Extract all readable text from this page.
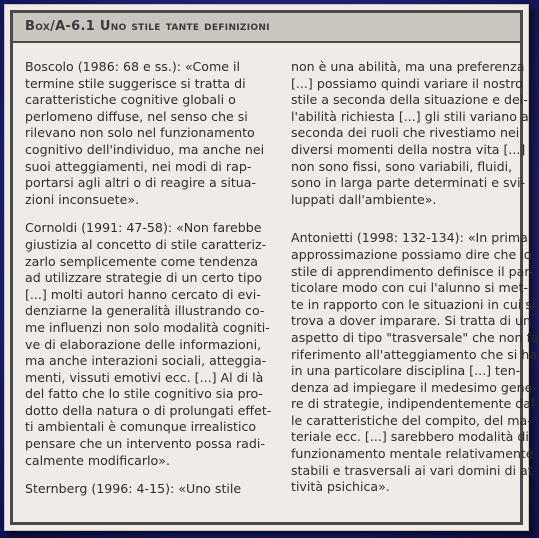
Box/A-6.1 Uno stile tante definizioni
Boscolo (1986: 68 e ss.): «Come il
termine stile suggerisce si tratta di
caratteristiche cognitive globali o
perlomeno diffuse, nel senso che si
rilevano non solo nel funzionamento
cognitivo dell'individuo, ma anche nei
suoi atteggiamenti, nei modi di rap-
portarsi agli altri o di reagire a situa-
zioni inconsuete».
Cornoldi (1991: 47-58): «Non farebbe
giustizia al concetto di stile caratteriz-
zarlo semplicemente come tendenza
ad utilizzare strategie di un certo tipo
[...] molti autori hanno cercato di evi-
denziarne la generalità illustrando co-
me influenzi non solo modalità cogniti-
ve di elaborazione delle informazioni,
ma anche interazioni sociali, atteggia-
menti, vissuti emotivi ecc. [...] Al di là
del fatto che lo stile cognitivo sia pro-
dotto della natura o di prolungati effet-
ti ambientali è comunque irrealistico
pensare che un intervento possa radi-
calmente modificarlo».
Sternberg (1996: 4-15): «Uno stile
non è una abilità, ma una preferenza
[...] possiamo quindi variare il nostro
stile a seconda della situazione e del-
l'abilità richiesta [...] gli stili variano a
seconda dei ruoli che rivestiamo nei
diversi momenti della nostra vita [...]
non sono fissi, sono variabili, fluidi,
sono in larga parte determinati e svi-
luppati dall'ambiente».
Antonietti (1998: 132-134): «In prima
approssimazione possiamo dire che lo
stile di apprendimento definisce il par-
ticolare modo con cui l'alunno si met-
te in rapporto con le situazioni in cui si
trova a dover imparare. Si tratta di un
aspetto di tipo "trasversale" che non fa
riferimento all'atteggiamento che si ha
in una particolare disciplina [...] ten-
denza ad impiegare il medesimo gene-
re di strategie, indipendentemente dal-
le caratteristiche del compito, del ma-
teriale ecc. [...] sarebbero modalità di
funzionamento mentale relativamente
stabili e trasversali ai vari domini di at-
tività psichica».
